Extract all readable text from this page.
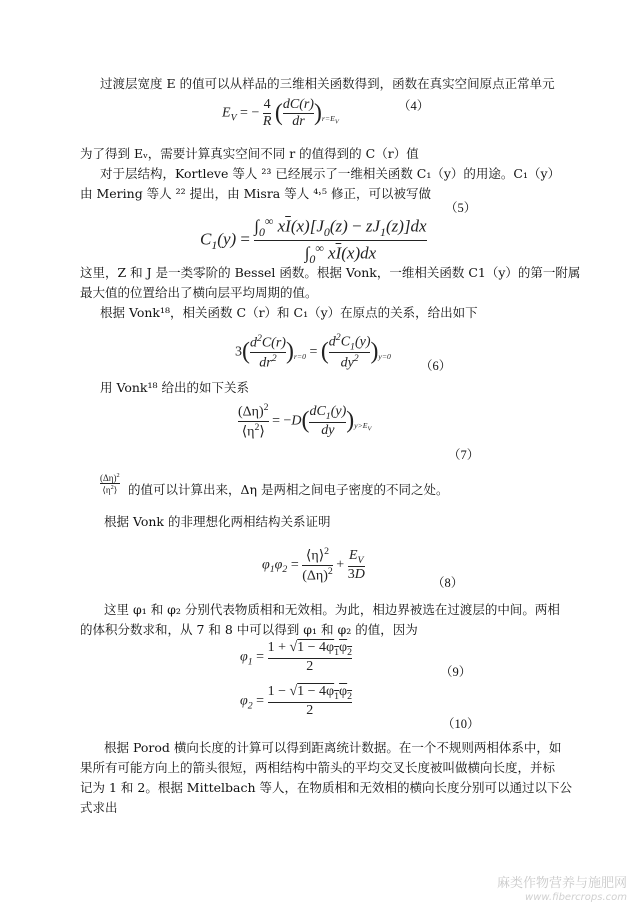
过渡层宽度 E 的值可以从样品的三维相关函数得到，函数在真实空间原点正常单元
$E_V$ = − $\frac{4}{R}$ ( $\frac{dC(r)}{dr} )_{r=E_V}$
（4）
为了得到 Eᵥ，需要计算真实空间不同 r 的值得到的 C（r）值
对于层结构，Kortleve 等人 ²³ 已经展示了一维相关函数 C₁（y）的用途。C₁（y）
由 Mering 等人 ²² 提出，由 Misra 等人 ⁴˒⁵ 修正，可以被写做
（5）
$C_1(y) = \frac{\int_0^\infty x\overline{I}(x)[J_0(z) - zJ_1(z)]dx}{\int_0^\infty x\overline{I}(x)dx}$
这里，Z 和 J 是一类零阶的 Bessel 函数。根据 Vonk，一维相关函数 C1（y）的第一附属
最大值的位置给出了横向层平均周期的值。
根据 Vonk¹⁸，相关函数 C（r）和 C₁（y）在原点的关系，给出如下
$3( \frac{d^2C(r)}{dr^2} )_{r=0}$ = ( $\frac{d^2C_1(y)}{dy^2} )_{y=0}$
（6）
用 Vonk¹⁸ 给出的如下关系
$\frac{(\Delta\eta)^2}{⟨\eta^2⟩} = -D( \frac{dC_1(y)}{dy} )_{y>E_V}$
（7）
$\frac{(\Delta\eta)^2}{⟨\eta^2⟩}$ 的值可以计算出来，Δη 是两相之间电子密度的不同之处。
根据 Vonk 的非理想化两相结构关系证明
$\varphi_1\varphi_2 = \frac{⟨\eta⟩^2}{(\Delta\eta)^2} + \frac{E_V}{3D}$
（8）
这里 φ₁ 和 φ₂ 分别代表物质相和无效相。为此，相边界被选在过渡层的中间。两相
的体积分数求和，从 7 和 8 中可以得到 φ₁ 和 φ₂ 的值，因为
$\varphi_1 = \frac{1 + √1 - 4\varphi_1\varphi_2}{2}$	（9）
$\varphi_2 = \frac{1 - √1 - 4\varphi_1\varphi_2}{2}$
（10）
根据 Porod 横向长度的计算可以得到距离统计数据。在一个不规则两相体系中，如
果所有可能方向上的箭头很短，两相结构中箭头的平均交叉长度被叫做横向长度，并标
记为 1 和 2。根据 Mittelbach 等人，在物质相和无效相的横向长度分别可以通过以下公
式求出
麻类作物营养与施肥网
www.fibercrops.com
